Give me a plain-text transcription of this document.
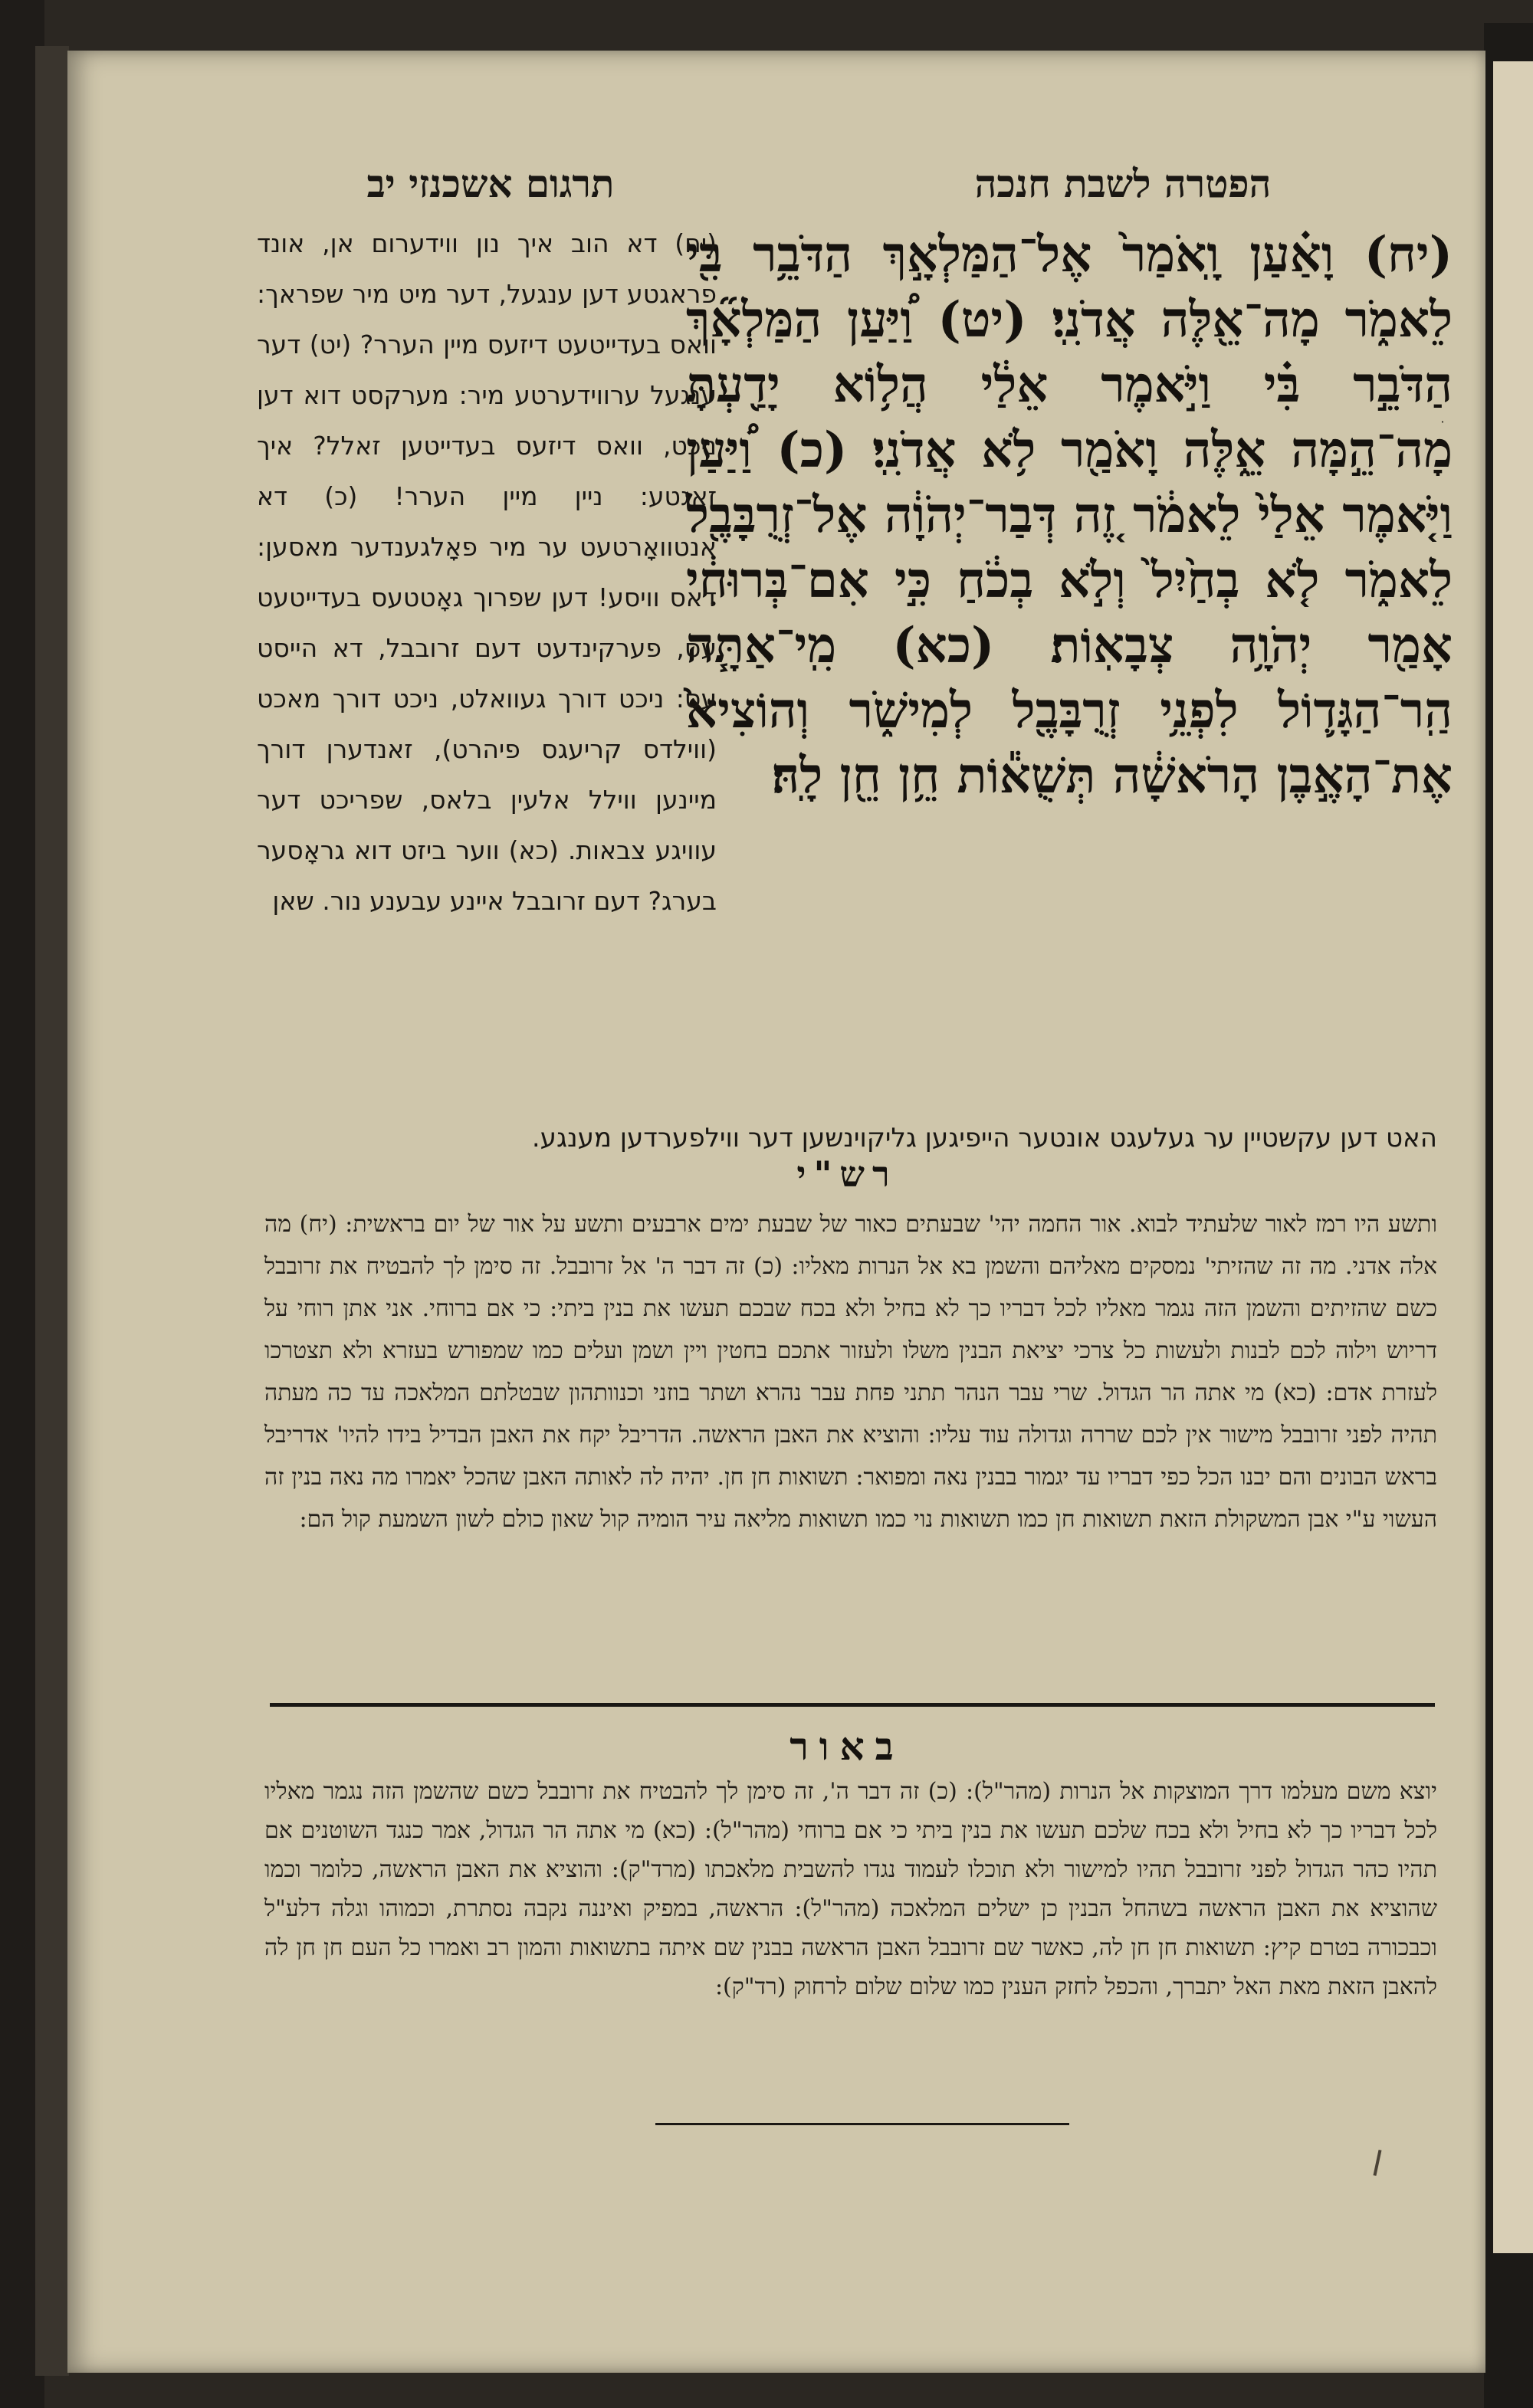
הפטרה לשבת חנכה
תרגום אשכנזי יב
(יח) וָאַ֗עַן וָֽאֹמַר֙ אֶל־הַמַּלְאָ֣ךְ הַדֹּבֵ֥ר בִּ֖י לֵאמֹ֑ר מָה־אֵ֖לֶּה אֲדֹנִֽי׃ (יט) וַ֠יַּעַן הַמַּלְאָ֞ךְ הַדֹּבֵ֣ר בִּ֗י וַיֹּ֣אמֶר אֵלַ֔י הֲל֥וֹא יָדַ֖עְתָּ מָה־הֵ֣מָּה אֵ֑לֶּה וָאֹמַ֖ר לֹ֥א אֲדֹנִֽי׃ (כ) וַ֠יַּעַן וַיֹּ֤אמֶר אֵלַי֙ לֵאמֹ֔ר זֶ֚ה דְּבַר־יְהֹוָ֔ה אֶל־זְרֻבָּבֶ֖ל לֵאמֹ֑ר לֹ֤א בְחַ֙יִל֙ וְלֹ֣א בְכֹ֔חַ כִּ֣י אִם־בְּרוּחִ֔י אָמַ֖ר יְהֹוָ֥ה צְבָאֽוֹת׃ (כא) מִֽי־אַתָּ֧ה הַֽר־הַגָּד֛וֹל לִפְנֵ֥י זְרֻבָּבֶ֖ל לְמִישֹׁ֑ר וְהוֹצִיא֙ אֶת־הָאֶ֣בֶן הָרֹאשָׁ֔ה תְּשֻׁא֕וֹת חֵ֥ן חֵ֖ן לָֽהּ׃
(יח) דא הוב איך נון ווידערום אן, אונד פראגטע דען ענגעל, דער מיט מיר שפראך: וואס בעדייטעט דיזעס מיין הערר? (יט) דער ענגעל ערווידערטע מיר: מערקסט דוא דען ניכט, וואס דיזעס בעדייטען זאלל? איך זאגטע: ניין מיין הערר! (כ) דא אנטוואָרטעט ער מיר פאָלגענדער מאסען: דאס וויסע! דען שפרוך גאָטטעס בעדייטעט עס, פערקינדעט דעם זרובבל, דא הייסט עס: ניכט דורך געוואלט, ניכט דורך מאכט (ווילדס קריעגס פיהרט), זאנדערן דורך מיינען ווילל אלעין בלאס, שפריכט דער עוויגע צבאות. (כא) ווער ביזט דוא גראָסער בערג? דעם זרובבל איינע עבענע נור. שאן
האט דען עקשטיין ער געלעגט אונטער הייפיגען גליקוינשען דער ווילפערדען מענגע.
רש"י
ותשע היו רמז לאור שלעתיד לבוא. אור החמה יהי' שבעתים כאור של שבעת ימים ארבעים ותשע על אור של יום בראשית: (יח) מה אלה אדני. מה זה שהזיתי' נמסקים מאליהם והשמן בא אל הנרות מאליו: (כ) זה דבר ה' אל זרובבל. זה סימן לך להבטיח את זרובבל כשם שהזיתים והשמן הזה נגמר מאליו לכל דבריו כך לא בחיל ולא בכח שבכם תעשו את בנין ביתי: כי אם ברוחי. אני אתן רוחי על דריוש וילוה לכם לבנות ולעשות כל צרכי יציאת הבנין משלו ולעזור אתכם בחטין ויין ושמן ועלים כמו שמפורש בעזרא ולא תצטרכו לעזרת אדם: (כא) מי אתה הר הגדול. שרי עבר הנהר תתני פחת עבר נהרא ושתר בוזני וכנוותהון שבטלתם המלאכה עד כה מעתה תהיה לפני זרובבל מישור אין לכם שררה וגדולה עוד עליו: והוציא את האבן הראשה. הדריבל יקח את האבן הבדיל בידו להיו' אדריבל בראש הבונים והם יבנו הכל כפי דבריו עד יגמור בבנין נאה ומפואר: תשואות חן חן. יהיה לה לאותה האבן שהכל יאמרו מה נאה בנין זה העשוי ע"י אבן המשקולת הזאת תשואות חן כמו תשואות נוי כמו תשואות מליאה עיר הומיה קול שאון כולם לשון השמעת קול הם:
באור
יוצא משם מעלמו דרך המוצקות אל הנרות (מהר"ל): (כ) זה דבר ה', זה סימן לך להבטיח את זרובבל כשם שהשמן הזה נגמר מאליו לכל דבריו כך לא בחיל ולא בכח שלכם תעשו את בנין ביתי כי אם ברוחי (מהר"ל): (כא) מי אתה הר הגדול, אמר כנגד השוטנים אם תהיו כהר הגדול לפני זרובבל תהיו למישור ולא תוכלו לעמוד נגדו להשבית מלאכתו (מרד"ק): והוציא את האבן הראשה, כלומר וכמו שהוציא את האבן הראשה בשהחל הבנין כן ישלים המלאכה (מהר"ל): הראשה, במפיק ואיננה נקבה נסתרת, וכמוהו וגלה דלע"ל וכבכורה בטרם קיץ: תשואות חן חן לה, כאשר שם זרובבל האבן הראשה בבנין שם איתה בתשואות והמון רב ואמרו כל העם חן חן לה להאבן הזאת מאת האל יתברך, והכפל לחזק הענין כמו שלום שלום לרחוק (רד"ק):
